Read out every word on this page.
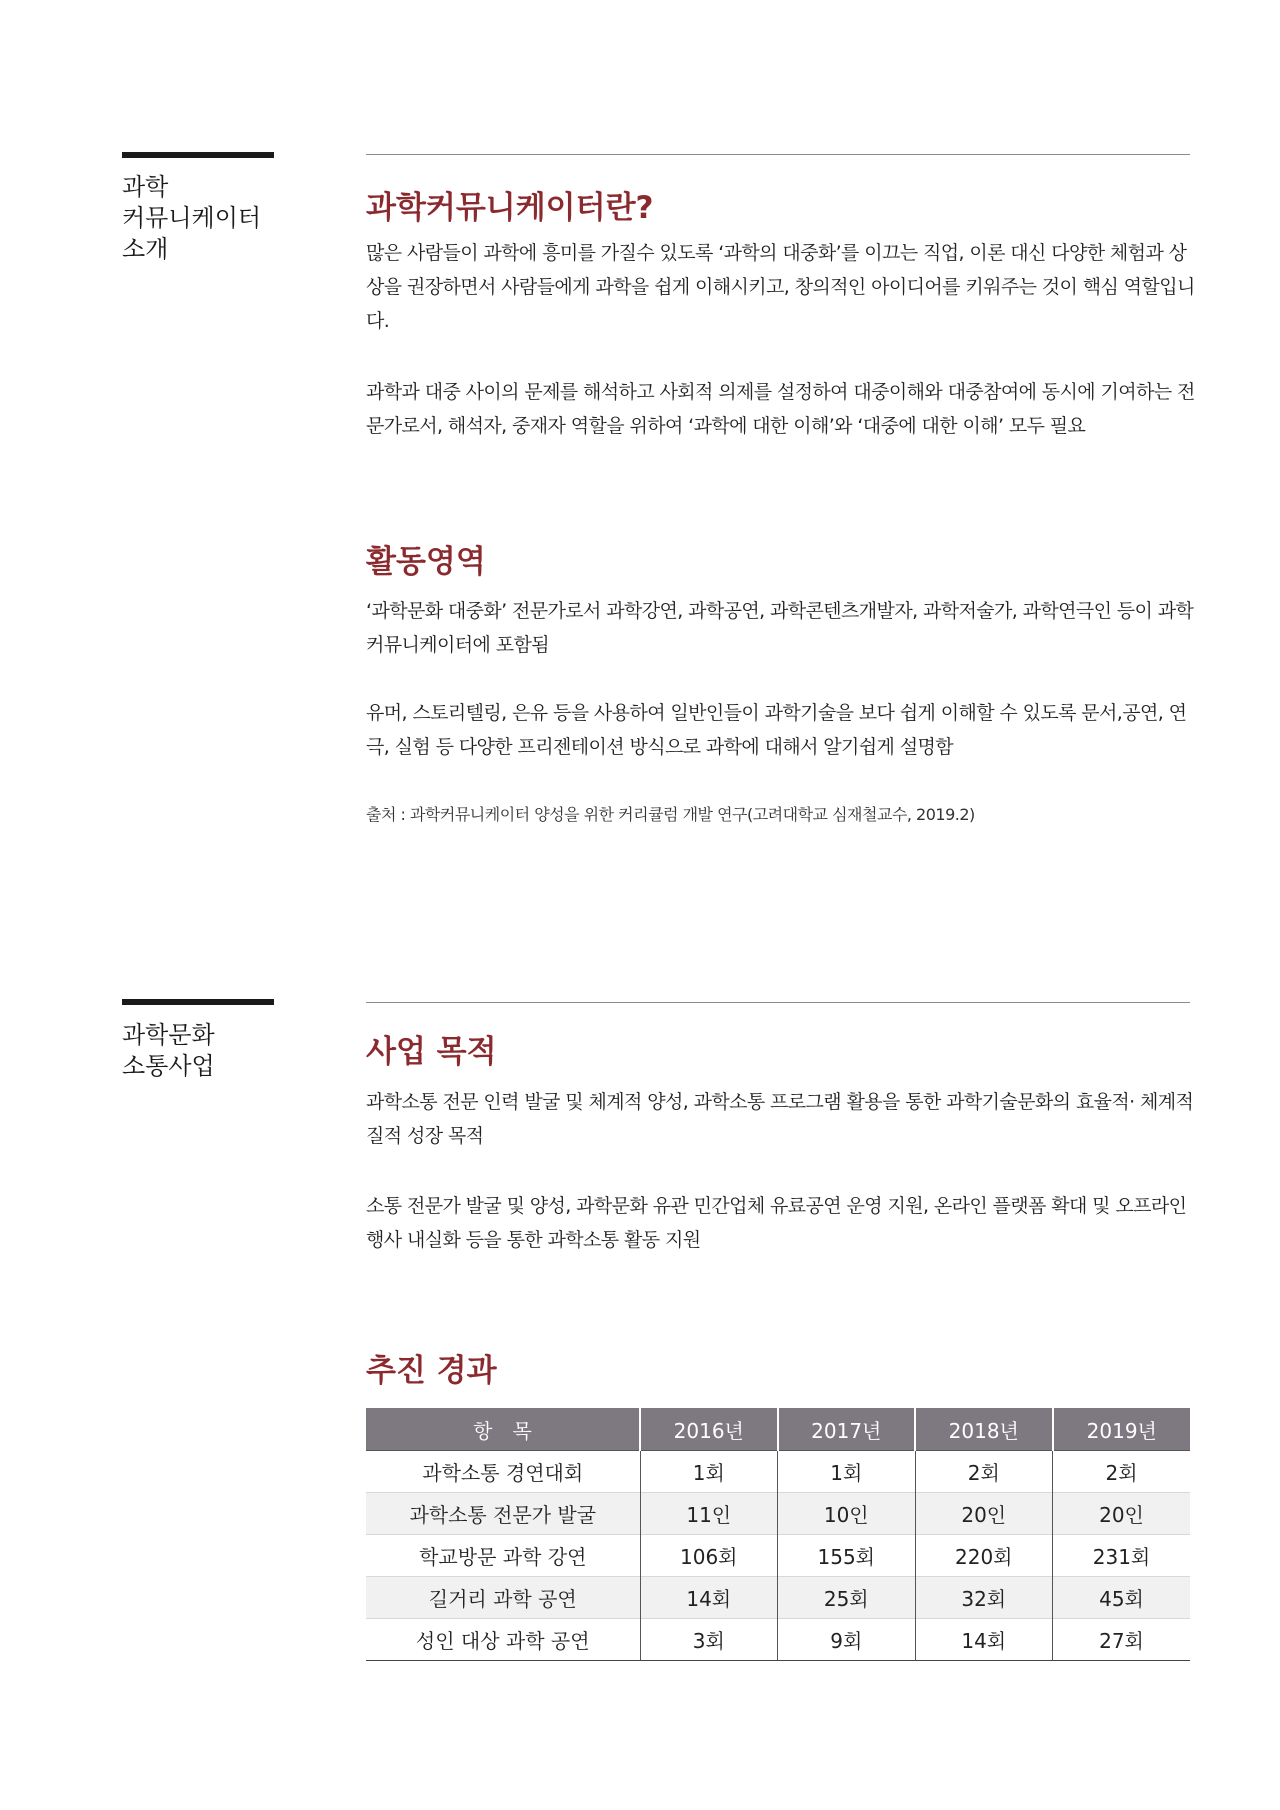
과학
커뮤니케이터
소개
과학커뮤니케이터란?

많은 사람들이 과학에 흥미를 가질수 있도록 ‘과학의 대중화’를 이끄는 직업, 이론 대신 다양한 체험과 상상을 권장하면서 사람들에게 과학을 쉽게 이해시키고, 창의적인 아이디어를 키워주는 것이 핵심 역할입니다.

과학과 대중 사이의 문제를 해석하고 사회적 의제를 설정하여 대중이해와 대중참여에 동시에 기여하는 전문가로서, 해석자, 중재자 역할을 위하여 ‘과학에 대한 이해’와 ‘대중에 대한 이해’ 모두 필요

활동영역

‘과학문화 대중화’ 전문가로서 과학강연, 과학공연, 과학콘텐츠개발자, 과학저술가, 과학연극인 등이 과학커뮤니케이터에 포함됨

유머, 스토리텔링, 은유 등을 사용하여 일반인들이 과학기술을 보다 쉽게 이해할 수 있도록 문서,공연, 연극, 실험 등 다양한 프리젠테이션 방식으로 과학에 대해서 알기쉽게 설명함

출처 : 과학커뮤니케이터 양성을 위한 커리큘럼 개발 연구(고려대학교 심재철교수, 2019.2)

과학문화
소통사업	사업 목적

과학소통 전문 인력 발굴 및 체계적 양성, 과학소통 프로그램 활용을 통한 과학기술문화의 효율적· 체계적 질적 성장 목적

소통 전문가 발굴 및 양성, 과학문화 유관 민간업체 유료공연 운영 지원, 온라인 플랫폼 확대 및 오프라인 행사 내실화 등을 통한 과학소통 활동 지원

추진 경과
항　목	2016년	2017년	2018년	2019년
과학소통 경연대회	1회	1회	2회	2회
과학소통 전문가 발굴	11인	10인	20인	20인
학교방문 과학 강연	106회	155회	220회	231회
길거리 과학 공연	14회	25회	32회	45회
성인 대상 과학 공연	3회	9회	14회	27회
